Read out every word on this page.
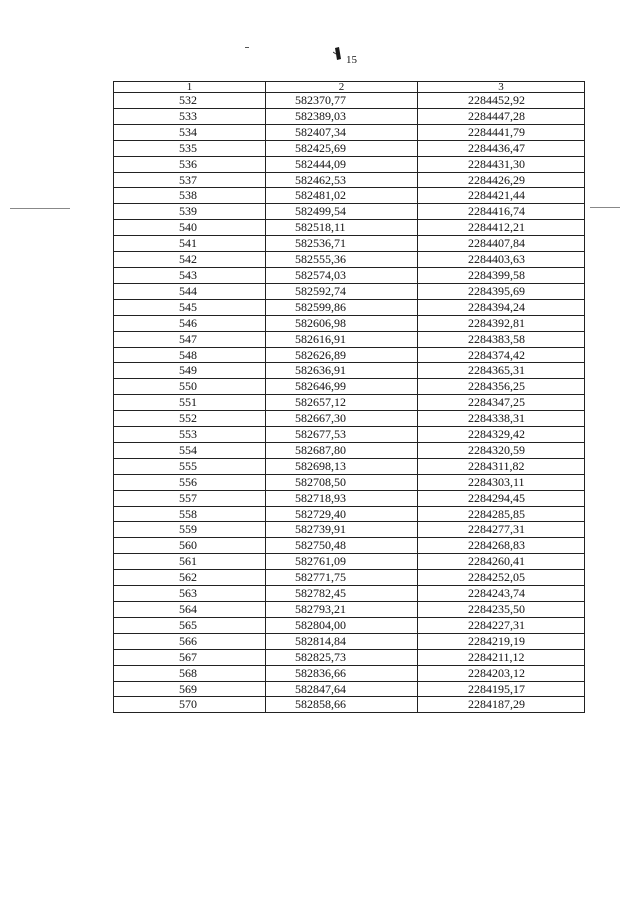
15
1	2	3
532	582370,77	2284452,92
533	582389,03	2284447,28
534	582407,34	2284441,79
535	582425,69	2284436,47
536	582444,09	2284431,30
537	582462,53	2284426,29
538	582481,02	2284421,44
539	582499,54	2284416,74
540	582518,11	2284412,21
541	582536,71	2284407,84
542	582555,36	2284403,63
543	582574,03	2284399,58
544	582592,74	2284395,69
545	582599,86	2284394,24
546	582606,98	2284392,81
547	582616,91	2284383,58
548	582626,89	2284374,42
549	582636,91	2284365,31
550	582646,99	2284356,25
551	582657,12	2284347,25
552	582667,30	2284338,31
553	582677,53	2284329,42
554	582687,80	2284320,59
555	582698,13	2284311,82
556	582708,50	2284303,11
557	582718,93	2284294,45
558	582729,40	2284285,85
559	582739,91	2284277,31
560	582750,48	2284268,83
561	582761,09	2284260,41
562	582771,75	2284252,05
563	582782,45	2284243,74
564	582793,21	2284235,50
565	582804,00	2284227,31
566	582814,84	2284219,19
567	582825,73	2284211,12
568	582836,66	2284203,12
569	582847,64	2284195,17
570	582858,66	2284187,29
